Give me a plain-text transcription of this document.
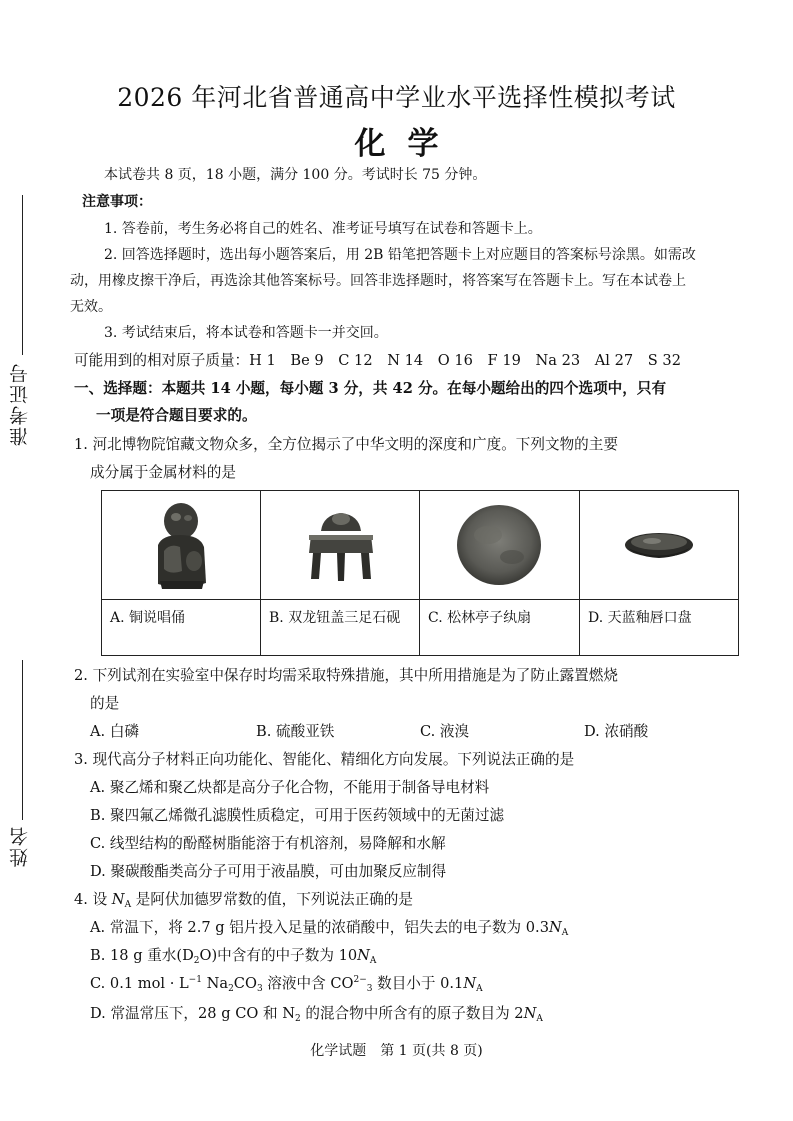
准考证号
姓名
2026 年河北省普通高中学业水平选择性模拟考试
化学
本试卷共 8 页，18 小题，满分 100 分。考试时长 75 分钟。
注意事项：
1. 答卷前，考生务必将自己的姓名、准考证号填写在试卷和答题卡上。
2. 回答选择题时，选出每小题答案后，用 2B 铅笔把答题卡上对应题目的答案标号涂黑。如需改
动，用橡皮擦干净后，再选涂其他答案标号。回答非选择题时，将答案写在答题卡上。写在本试卷上
无效。
3. 考试结束后，将本试卷和答题卡一并交回。
可能用到的相对原子质量：H 1　Be 9　C 12　N 14　O 16　F 19　Na 23　Al 27　S 32
一、选择题：本题共 14 小题，每小题 3 分，共 42 分。在每小题给出的四个选项中，只有
一项是符合题目要求的。
1. 河北博物院馆藏文物众多，全方位揭示了中华文明的深度和广度。下列文物的主要
成分属于金属材料的是
A. 铜说唱俑	B. 双龙钮盖三足石砚	C. 松林亭子纨扇	D. 天蓝釉唇口盘
2. 下列试剂在实验室中保存时均需采取特殊措施，其中所用措施是为了防止露置燃烧
的是
A. 白磷	B. 硫酸亚铁	C. 液溴	D. 浓硝酸
3. 现代高分子材料正向功能化、智能化、精细化方向发展。下列说法正确的是
A. 聚乙烯和聚乙炔都是高分子化合物，不能用于制备导电材料
B. 聚四氟乙烯微孔滤膜性质稳定，可用于医药领域中的无菌过滤
C. 线型结构的酚醛树脂能溶于有机溶剂，易降解和水解
D. 聚碳酸酯类高分子可用于液晶膜，可由加聚反应制得
4. 设 $N_A$ 是阿伏加德罗常数的值，下列说法正确的是
A. 常温下，将 2.7 g 铝片投入足量的浓硝酸中，铝失去的电子数为 $0.3N_A$
B. 18 g 重水$(D_2O)$中含有的中子数为 $10N_A$
C. 0.1 mol · $L^{-1}$ $Na_2CO_3$ 溶液中含 $CO^{2-}_3$ 数目小于 $0.1N_A$
D. 常温常压下，28 g CO 和 $N_2$ 的混合物中所含有的原子数目为 $2N_A$
化学试题　第 1 页(共 8 页)
